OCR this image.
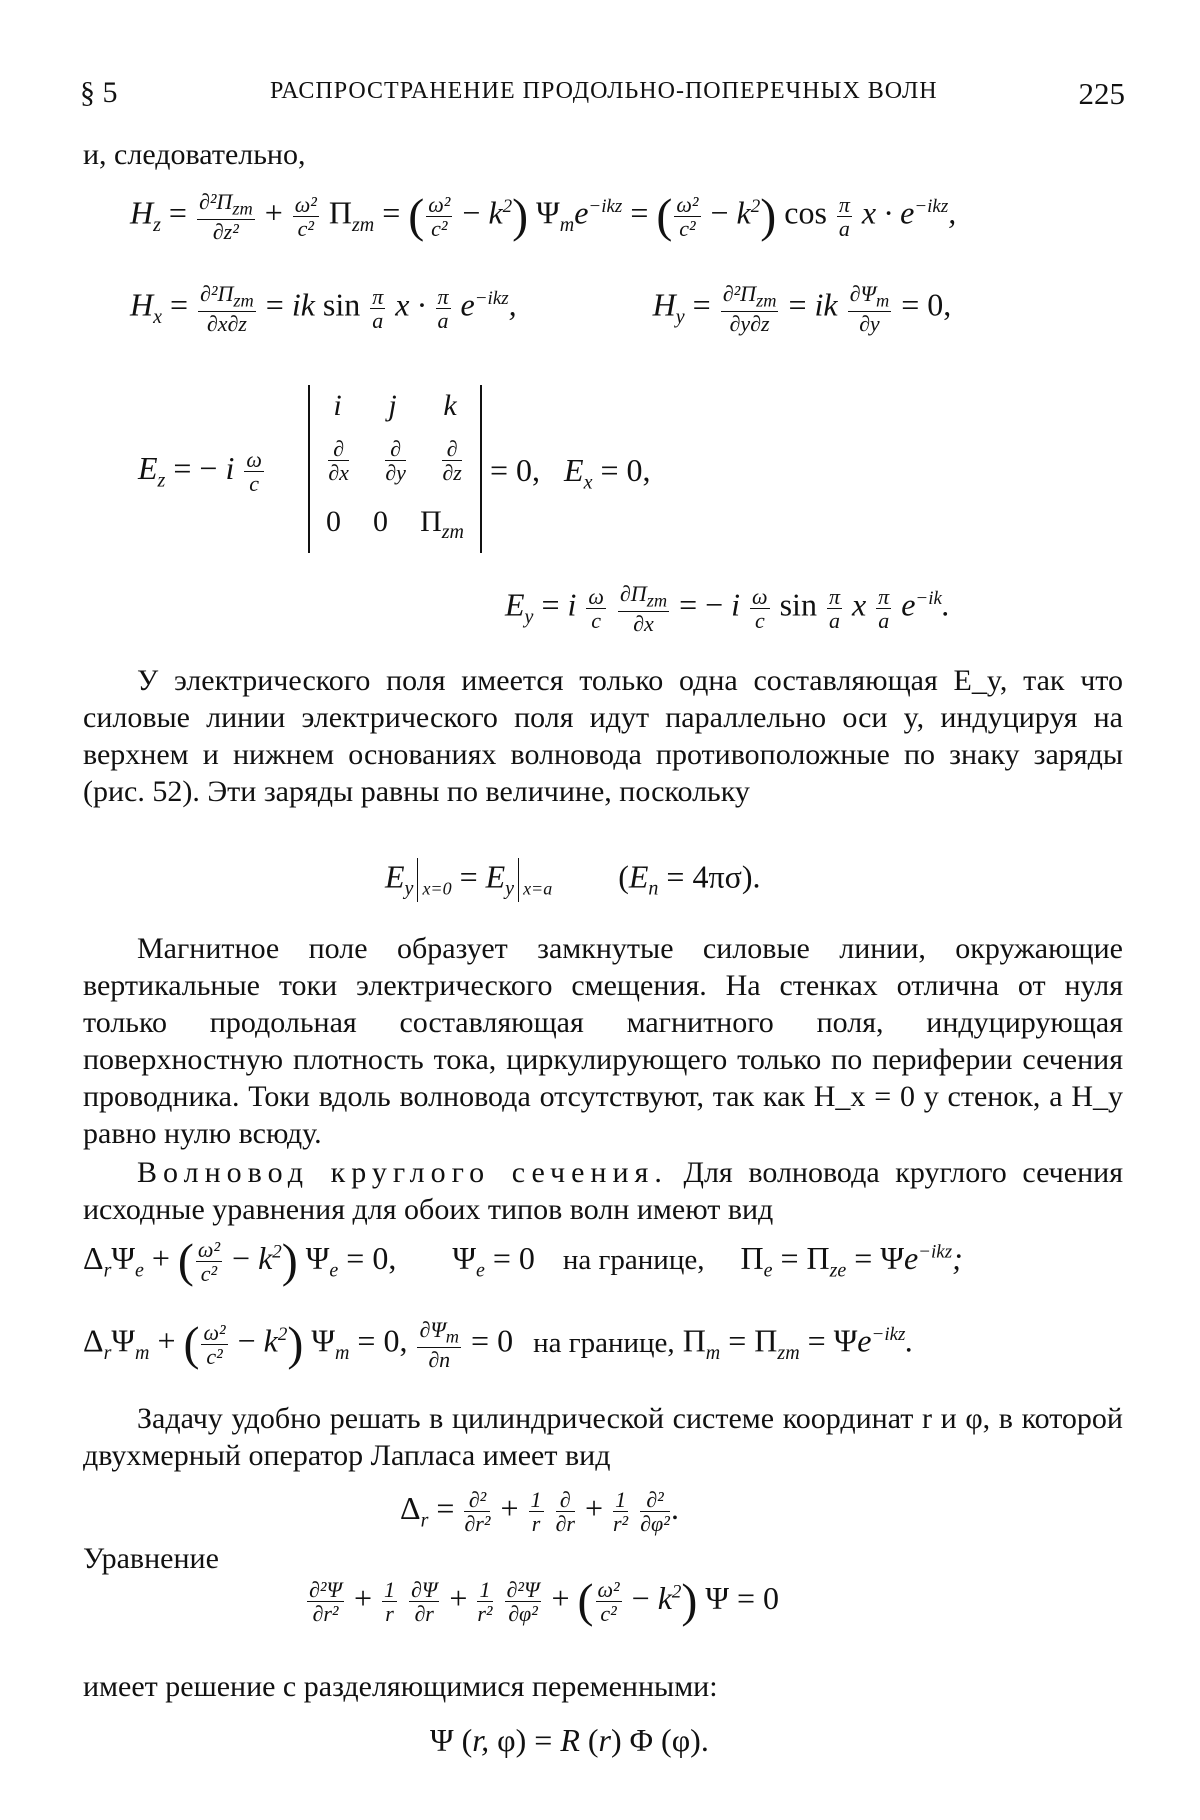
§ 5	РАСПРОСТРАНЕНИЕ ПРОДОЛЬНО-ПОПЕРЕЧНЫХ ВОЛН	225
и, следовательно,
$H_z = \frac{\partial^2\Pi_{zm}}{\text{∂z²}} + \frac{\text{ω²}}{\text{c²}} \Pi_{zm}$ = ( $\frac{\text{ω²}}{\text{c²}} - k^2$) $\Psi_me^{-ikz}$ = ( $\frac{\text{ω²}}{\text{c²}} - k^2$) $\cos \frac{\pi}{a}$ $x \cdot e^{-ikz}$,
$H_x = \frac{\partial^2\Pi_{zm}}{\partial x\partial z}$ = ik $\sin \frac{\pi}{a}$ $x \cdot \frac{\pi}{a} e^{-ikz}$,	$H_y = \frac{\partial^2\Pi_{zm}}{\partial y\partial z}$ = ik $\frac{\partial\Psi_m}{\partial y} = 0$,
$E_z$ = − i $\frac{\omega}{c}$
i j k
$\frac{\partial}{\partial x} \frac{\partial}{\partial y} \frac{\partial}{\partial z}$
0 0 $\Pi_{zm}$
= 0,   $E_x = 0$,
$E_y = i \frac{\omega}{c}$
$\frac{\partial\Pi_{zm}}{\partial x}$ = − i $\frac{\omega}{c}$ $\sin \frac{\pi}{a}$ x $\frac{\pi}{a} e^{-ik}$.
У электрического поля имеется только одна составляющая E_y, так что силовые линии электрического поля идут параллельно оси y, индуцируя на верхнем и нижнем основаниях волновода противоположные по знаку заряды (рис. 52). Эти заряды равны по величине, поскольку
$E_y$ $_{x=0} = E_y$ $_{x=a}$ $(E_n = 4\pi\sigma)$.
Магнитное поле образует замкнутые силовые линии, окружающие вертикальные токи электрического смещения. На стенках отлична от нуля только продольная составляющая магнитного поля, индуцирующая поверхностную плотность тока, циркулирующего только по периферии сечения проводника. Токи вдоль волновода отсутствуют, так как H_x = 0 у стенок, а H_y равно нулю всюду.
Волновод круглого сечения. Для волновода круглого сечения исходные уравнения для обоих типов волн имеют вид
$\Delta_r\Psi_e$ + ( $\frac{\text{ω²}}{\text{c²}} - k^2$) $\Psi_e = 0$, $\Psi_e = 0$ на границе, $\Pi_e = \Pi_{ze} = \Psi e^{-ikz}$;
$\Delta_r\Psi_m$ + ( $\frac{\text{ω²}}{\text{c²}} - k^2$) $\Psi_m = 0$, $\frac{\partial\Psi_m}{\partial n} = 0$ на границе, $\Pi_m = \Pi_{zm} = \Psi e^{-ikz}$.
Задачу удобно решать в цилиндрической системе координат r и φ, в которой двухмерный оператор Лапласа имеет вид
$\Delta_r = \frac{\text{∂²}}{\text{∂r²}} + \frac{1}{r}$
$\frac{\partial}{\partial r} + \frac{1}{\text{r²}}$
$\frac{\text{∂²}}{\text{∂φ²}}$ .
Уравнение
$\frac{\text{∂²Ψ}}{\text{∂r²}} + \frac{1}{r}$
$\frac{\partial\Psi}{\partial r} + \frac{1}{\text{r²}}$
$\frac{\text{∂²Ψ}}{\text{∂φ²}}$ + ( $\frac{\text{ω²}}{\text{c²}} - k^2$) Ψ = 0
имеет решение с разделяющимися переменными:
Ψ (r, φ) = R (r) Φ (φ).
